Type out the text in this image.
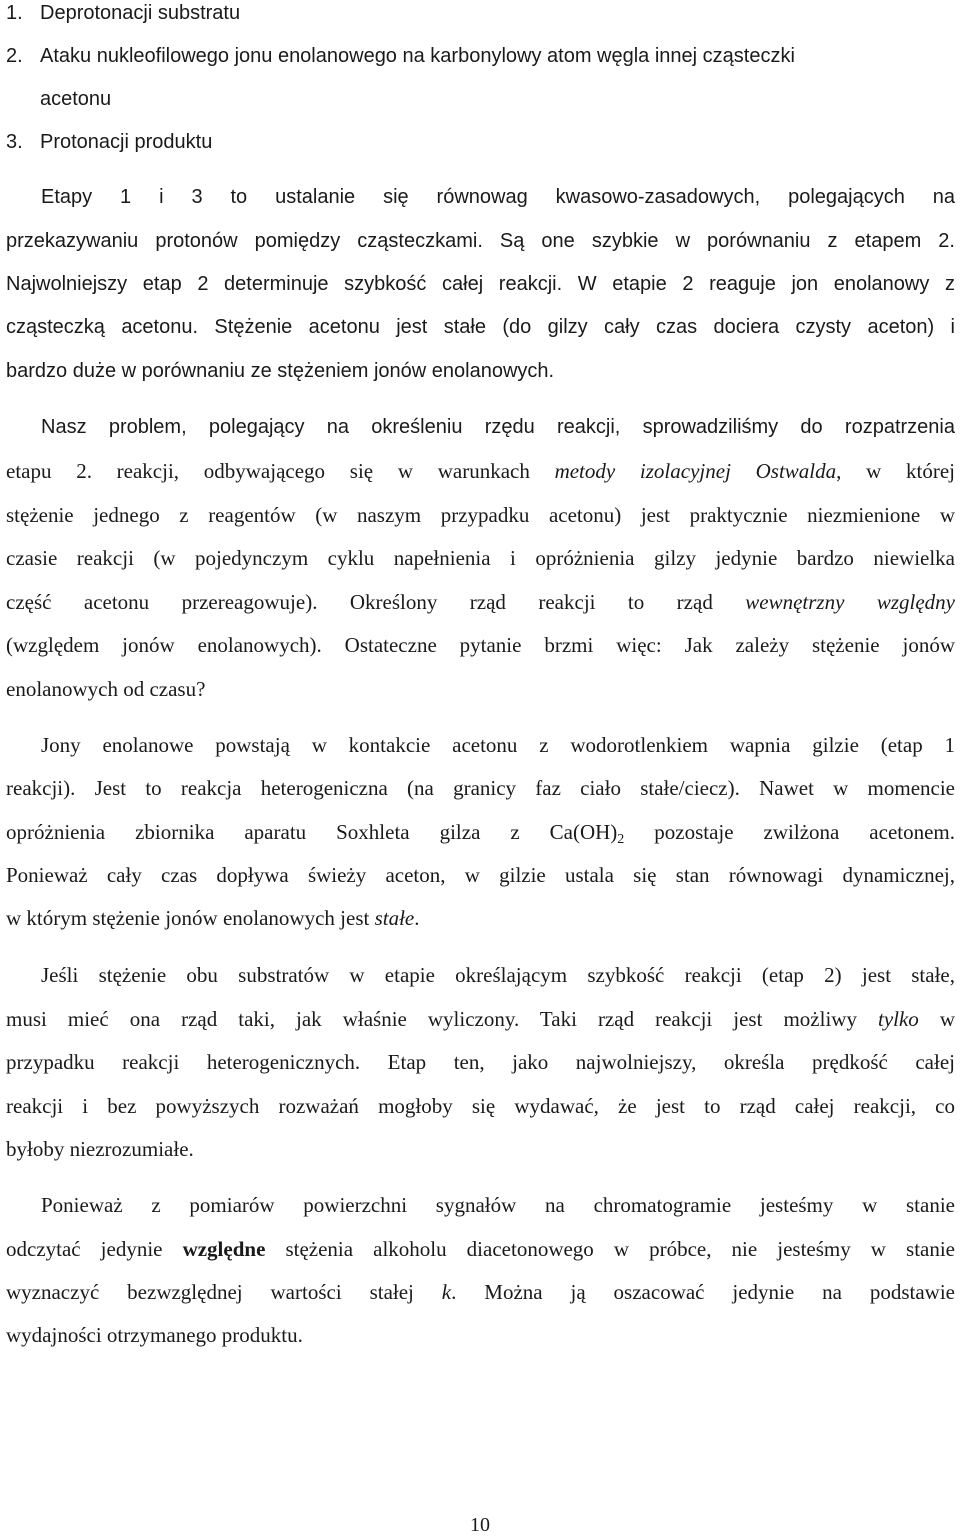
1. Deprotonacji substratu
2. Ataku nukleofilowego jonu enolanowego na karbonylowy atom węgla innej cząsteczki
acetonu
3. Protonacji produktu
Etapy 1 i 3 to ustalanie się równowag kwasowo-zasadowych, polegających na
przekazywaniu protonów pomiędzy cząsteczkami. Są one szybkie w porównaniu z etapem 2.
Najwolniejszy etap 2 determinuje szybkość całej reakcji. W etapie 2 reaguje jon enolanowy z
cząsteczką acetonu. Stężenie acetonu jest stałe (do gilzy cały czas dociera czysty aceton) i
bardzo duże w porównaniu ze stężeniem jonów enolanowych.
Nasz problem, polegający na określeniu rzędu reakcji, sprowadziliśmy do rozpatrzenia
etapu 2. reakcji, odbywającego się w warunkach metody izolacyjnej Ostwalda, w której
stężenie jednego z reagentów (w naszym przypadku acetonu) jest praktycznie niezmienione w
czasie reakcji (w pojedynczym cyklu napełnienia i opróżnienia gilzy jedynie bardzo niewielka
część acetonu przereagowuje). Określony rząd reakcji to rząd wewnętrzny względny
(względem jonów enolanowych). Ostateczne pytanie brzmi więc: Jak zależy stężenie jonów
enolanowych od czasu?
Jony enolanowe powstają w kontakcie acetonu z wodorotlenkiem wapnia gilzie (etap 1
reakcji). Jest to reakcja heterogeniczna (na granicy faz ciało stałe/ciecz). Nawet w momencie
opróżnienia zbiornika aparatu Soxhleta gilza z $Ca(OH)_2$ pozostaje zwilżona acetonem.
Ponieważ cały czas dopływa świeży aceton, w gilzie ustala się stan równowagi dynamicznej,
w którym stężenie jonów enolanowych jest stałe.
Jeśli stężenie obu substratów w etapie określającym szybkość reakcji (etap 2) jest stałe,
musi mieć ona rząd taki, jak właśnie wyliczony. Taki rząd reakcji jest możliwy tylko w
przypadku reakcji heterogenicznych. Etap ten, jako najwolniejszy, określa prędkość całej
reakcji i bez powyższych rozważań mogłoby się wydawać, że jest to rząd całej reakcji, co
byłoby niezrozumiałe.
Ponieważ z pomiarów powierzchni sygnałów na chromatogramie jesteśmy w stanie
odczytać jedynie względne stężenia alkoholu diacetonowego w próbce, nie jesteśmy w stanie
wyznaczyć bezwzględnej wartości stałej k. Można ją oszacować jedynie na podstawie
wydajności otrzymanego produktu.
10
